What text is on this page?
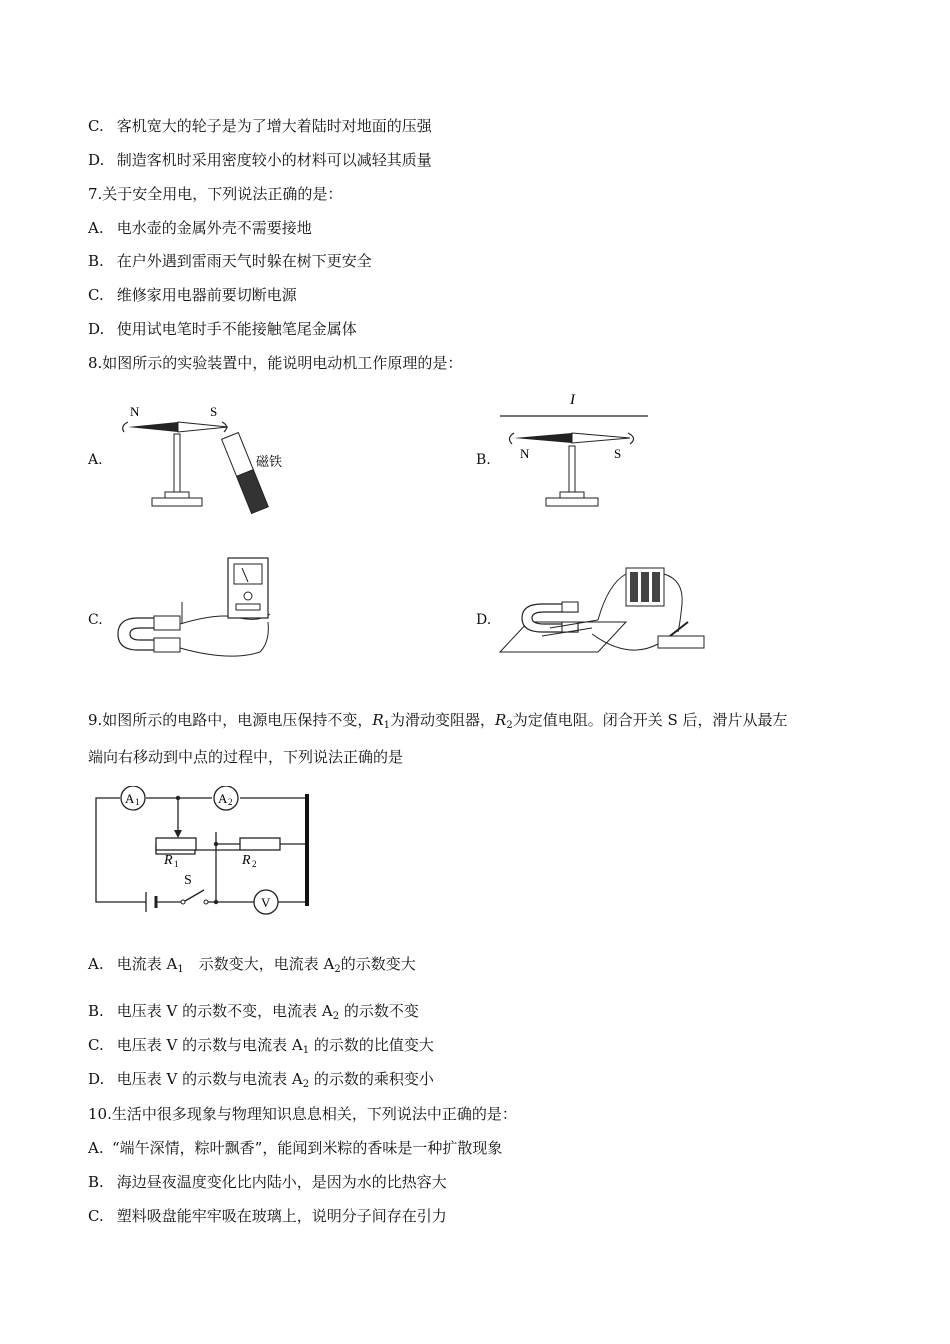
C. 客机宽大的轮子是为了增大着陆时对地面的压强
D. 制造客机时采用密度较小的材料可以减轻其质量
7.关于安全用电，下列说法正确的是：
A. 电水壶的金属外壳不需要接地
B. 在户外遇到雷雨天气时躲在树下更安全
C. 维修家用电器前要切断电源
D. 使用试电笔时手不能接触笔尾金属体
8.如图所示的实验装置中，能说明电动机工作原理的是：
A.	B.
C.	D.
N	S
磁铁
I
N	S
9.如图所示的电路中，电源电压保持不变，$R_1$为滑动变阻器，$R_2$为定值电阻。闭合开关 S 后，滑片从最左
端向右移动到中点的过程中，下列说法正确的是
A 1	A 2
R 1	R 2
S
V
A. 电流表 $A_1$　示数变大，电流表 $A_2$的示数变大
B. 电压表 V 的示数不变，电流表 $A_2$ 的示数不变
C. 电压表 V 的示数与电流表 $A_1$ 的示数的比值变大
D. 电压表 V 的示数与电流表 $A_2$ 的示数的乘积变小
10.生活中很多现象与物理知识息息相关，下列说法中正确的是：
A. “端午深情，粽叶飘香”，能闻到米粽的香味是一种扩散现象
B. 海边昼夜温度变化比内陆小，是因为水的比热容大
C. 塑料吸盘能牢牢吸在玻璃上，说明分子间存在引力
